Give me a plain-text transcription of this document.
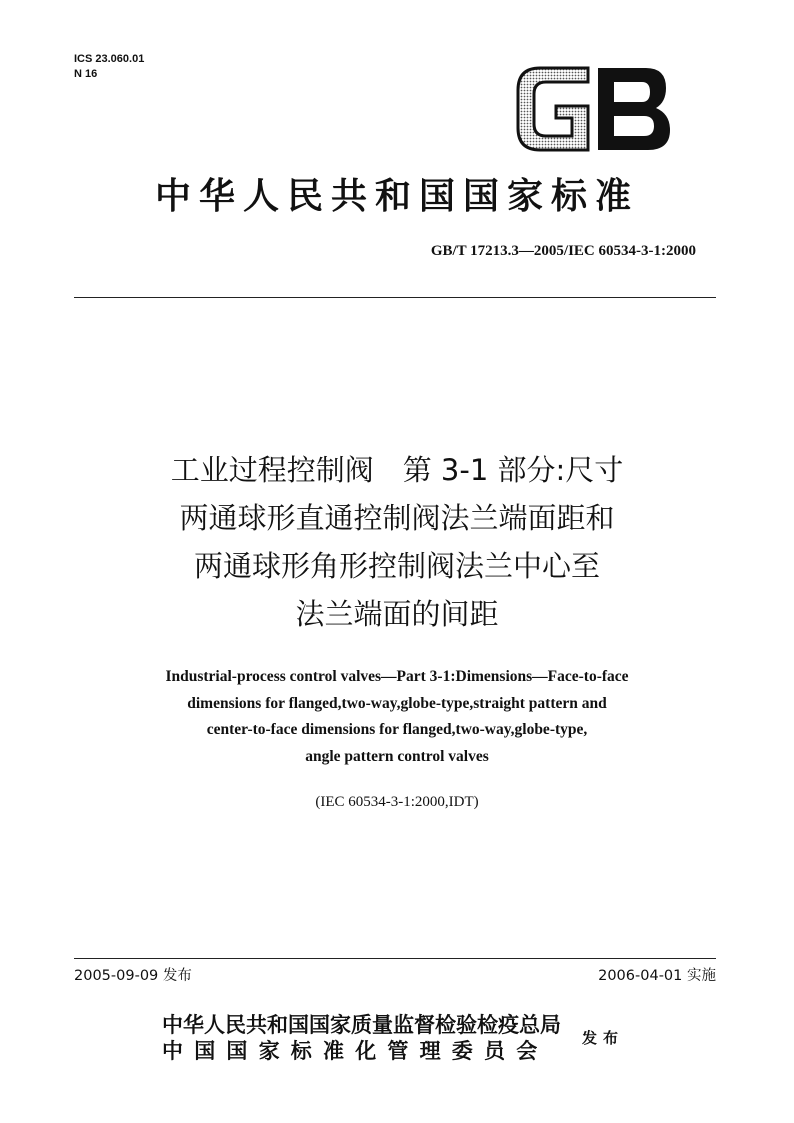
ICS 23.060.01
N 16
中华人民共和国国家标准
GB/T 17213.3—2005/IEC 60534-3-1:2000
工业过程控制阀　第 3-1 部分:尺寸
两通球形直通控制阀法兰端面距和
两通球形角形控制阀法兰中心至
法兰端面的间距
Industrial-process control valves—Part 3-1:Dimensions—Face-to-face
dimensions for flanged,two-way,globe-type,straight pattern and
center-to-face dimensions for flanged,two-way,globe-type,
angle pattern control valves
(IEC 60534-3-1:2000,IDT)
2005-09-09 发布	2006-04-01 实施
中华人民共和国国家质量监督检验检疫总局
中国国家标准化管理委员会	发布
